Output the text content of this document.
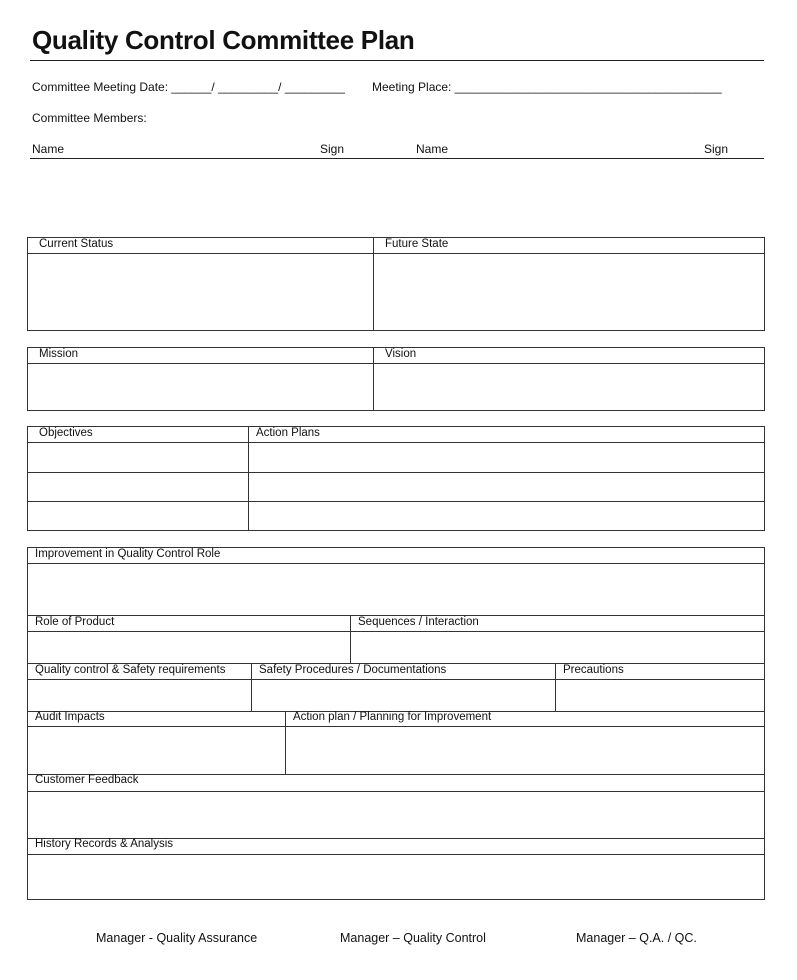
Quality Control Committee Plan
Committee Meeting Date: ______/ _________/ _________ Meeting Place: ________________________________________
Committee Members:
Name	Sign	Name	Sign
Current Status	Future State
Mission	Vision
Objectives	Action Plans
Improvement in Quality Control Role
Role of Product	Sequences / Interaction
Quality control & Safety requirements	Safety Procedures / Documentations	Precautions
Audit Impacts	Action plan / Planning for Improvement
Customer Feedback
History Records & Analysis
Manager - Quality Assurance	Manager – Quality Control	Manager – Q.A. / QC.
